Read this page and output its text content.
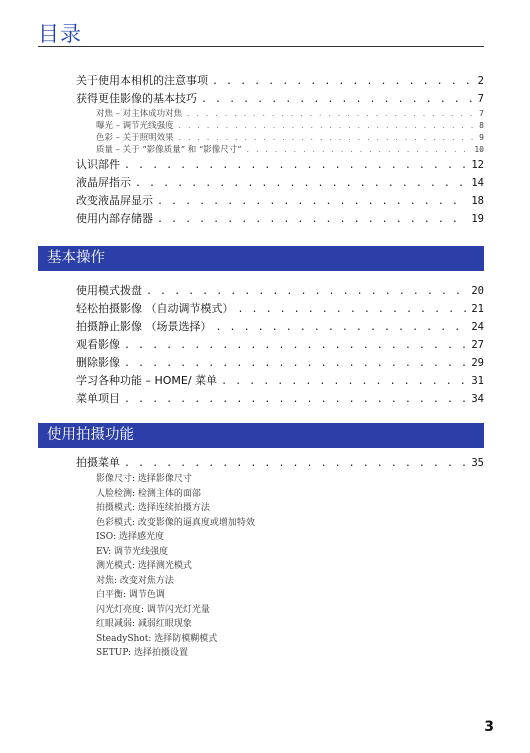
目录
关于使用本相机的注意事项 . . .	2
获得更佳影像的基本技巧 . . .	7
对焦 – 对主体成功对焦 . . .	7
曝光 – 调节光线强度 . . .	8
色彩 – 关于照明效果 . . .	9
质量 – 关于 “影像质量” 和 “影像尺寸” . . .	10
认识部件 . . .	12
液晶屏指示 . . .	14
改变液晶屏显示 . . .	18
使用内部存储器 . . .	19
基本操作
使用模式拨盘 . . .	20
轻松拍摄影像 （自动调节模式） . . .	21
拍摄静止影像 （场景选择） . . .	24
观看影像 . . .	27
删除影像 . . .	29
学习各种功能 – HOME/ 菜单 . . .	31
菜单项目 . . .	34
使用拍摄功能
拍摄菜单 . . .	35
影像尺寸: 选择影像尺寸
人脸检测: 检测主体的面部
拍摄模式: 选择连续拍摄方法
色彩模式: 改变影像的逼真度或增加特效
ISO: 选择感光度
EV: 调节光线强度
测光模式: 选择测光模式
对焦: 改变对焦方法
白平衡: 调节色调
闪光灯亮度: 调节闪光灯光量
红眼减弱: 减弱红眼现象
SteadyShot: 选择防模糊模式
SETUP: 选择拍摄设置
3
